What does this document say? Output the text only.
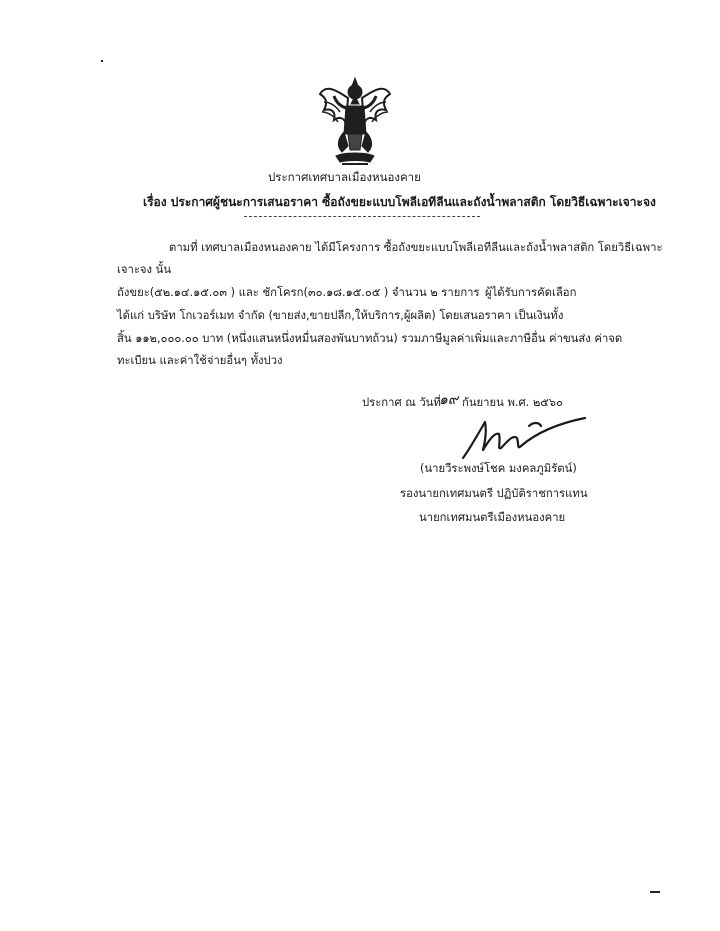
ประกาศเทศบาลเมืองหนองคาย
เรื่อง ประกาศผู้ชนะการเสนอราคา ซื้อถังขยะแบบโพลีเอทีลีนและถังน้ำพลาสติก โดยวิธีเฉพาะเจาะจง
ตามที่ เทศบาลเมืองหนองคาย ได้มีโครงการ ซื้อถังขยะแบบโพลีเอทีลีนและถังน้ำพลาสติก โดยวิธีเฉพาะ
เจาะจง นั้น
ถังขยะ(๕๒.๑๔.๑๕.๐๓ ) และ ชักโครก(๓๐.๑๘.๑๕.๐๕ ) จำนวน ๒ รายการ ผู้ได้รับการคัดเลือก
ได้แก่ บริษัท โกเวอร์เมท จำกัด (ขายส่ง,ขายปลีก,ให้บริการ,ผู้ผลิต) โดยเสนอราคา เป็นเงินทั้ง
สิ้น ๑๑๒,๐๐๐.๐๐ บาท (หนึ่งแสนหนึ่งหมื่นสองพันบาทถ้วน) รวมภาษีมูลค่าเพิ่มและภาษีอื่น ค่าขนส่ง ค่าจด
ทะเบียน และค่าใช้จ่ายอื่นๆ ทั้งปวง
ประกาศ ณ วันที่
๑๙ กันยายน พ.ศ. ๒๕๖๐
(นายวีระพงษ์โชค มงคลภูมิรัตน์)
รองนายกเทศมนตรี ปฏิบัติราชการแทน
นายกเทศมนตรีเมืองหนองคาย
